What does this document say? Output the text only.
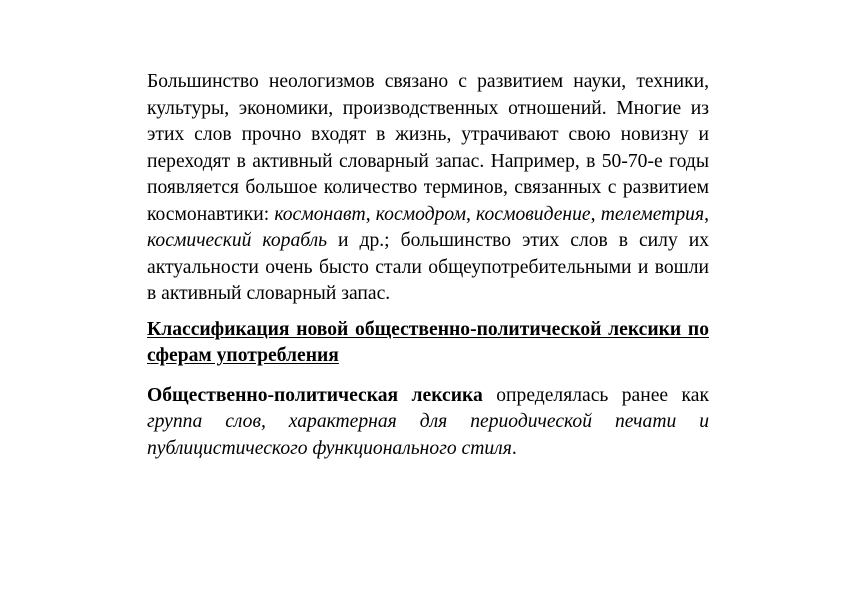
Большинство неологизмов связано с развитием науки, техники, культуры, экономики, производственных отношений. Многие из этих слов прочно входят в жизнь, утрачивают свою новизну и переходят в активный словарный запас. Например, в 50-70-е годы появляется большое количество терминов, связанных с развитием космонавтики: космонавт, космодром, космовидение, телеметрия, космический корабль и др.; большинство этих слов в силу их актуальности очень бысто стали общеупотребительными и вошли в активный словарный запас.

Классификация новой общественно-политической лексики по сферам употребления

Общественно-политическая лексика определялась ранее как группа слов, характерная для периодической печати и публицистического функционального стиля.
